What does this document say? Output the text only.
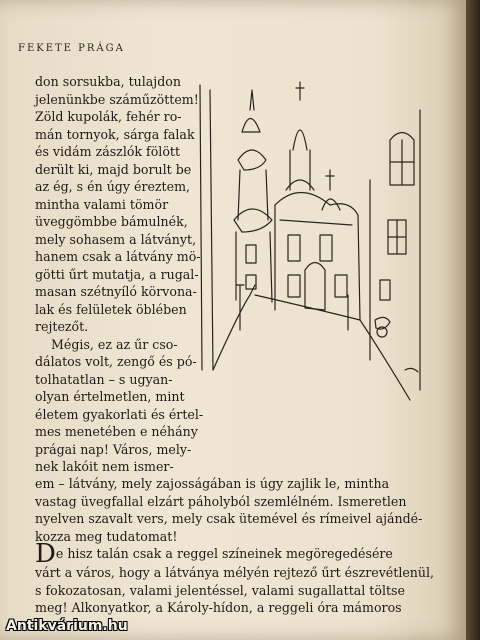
FEKETE PRÁGA
don sorsukba, tulajdon
jelenünkbe száműzöttem!
Zöld kupolák, fehér ro-
mán tornyok, sárga falak
és vidám zászlók fölött
derült ki, majd borult be
az ég, s én úgy éreztem,
mintha valami tömör
üveggömbbe bámulnék,
mely sohasem a látványt,
hanem csak a látvány mö-
götti űrt mutatja, a rugal-
masan szétnyíló körvona-
lak és felületek öblében
rejtezőt.
Mégis, ez az űr cso-
dálatos volt, zengő és pó-
tolhatatlan – s ugyan-
olyan értelmetlen, mint
életem gyakorlati és értel-
mes menetében e néhány
prágai nap! Város, mely-
nek lakóit nem ismer-
em – látvány, mely zajosságában is úgy zajlik le, mintha
vastag üvegfallal elzárt páholyból szemlélném. Ismeretlen
nyelven szavalt vers, mely csak ütemével és rímeivel ajándé-
kozza meg tudatomat!
De hisz talán csak a reggel színeinek megöregedésére
várt a város, hogy a látványa mélyén rejtező űrt észrevétlenül,
s fokozatosan, valami jelentéssel, valami sugallattal töltse
meg! Alkonyatkor, a Károly-hídon, a reggeli óra mámoros
Antikvárium.hu
